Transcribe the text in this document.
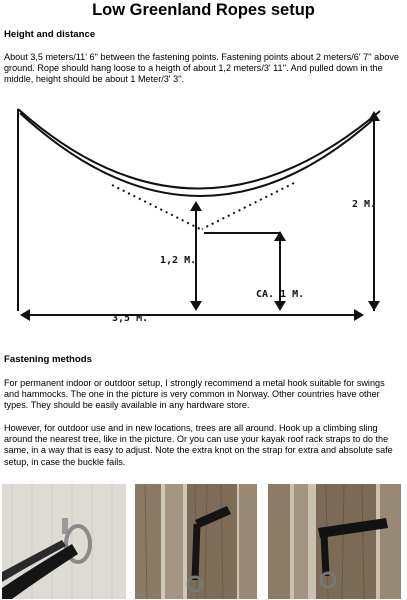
Low Greenland Ropes setup
Height and distance
About 3,5 meters/11' 6'' between the fastening points. Fastening points about 2 meters/6' 7'' above ground. Rope should hang loose to a heigth of about 1,2 meters/3' 11''. And pulled down in the middle, height should be about 1 Meter/3' 3''.
2 M.
1,2 M.
CA. 1 M.
3,5 M.
Fastening methods
For permanent indoor or outdoor setup, I strongly recommend a metal hook suitable for swings and hammocks. The one in the picture is very common in Norway. Other countries have other types. They should be easily available in any hardware store.
However, for outdoor use and in new locations, trees are all around. Hook up a climbing sling around the nearest tree, like in the picture. Or you can use your kayak roof rack straps to do the same, in a way that is easy to adjust. Note the extra knot on the strap for extra and absolute safe setup, in case the buckle fails.
